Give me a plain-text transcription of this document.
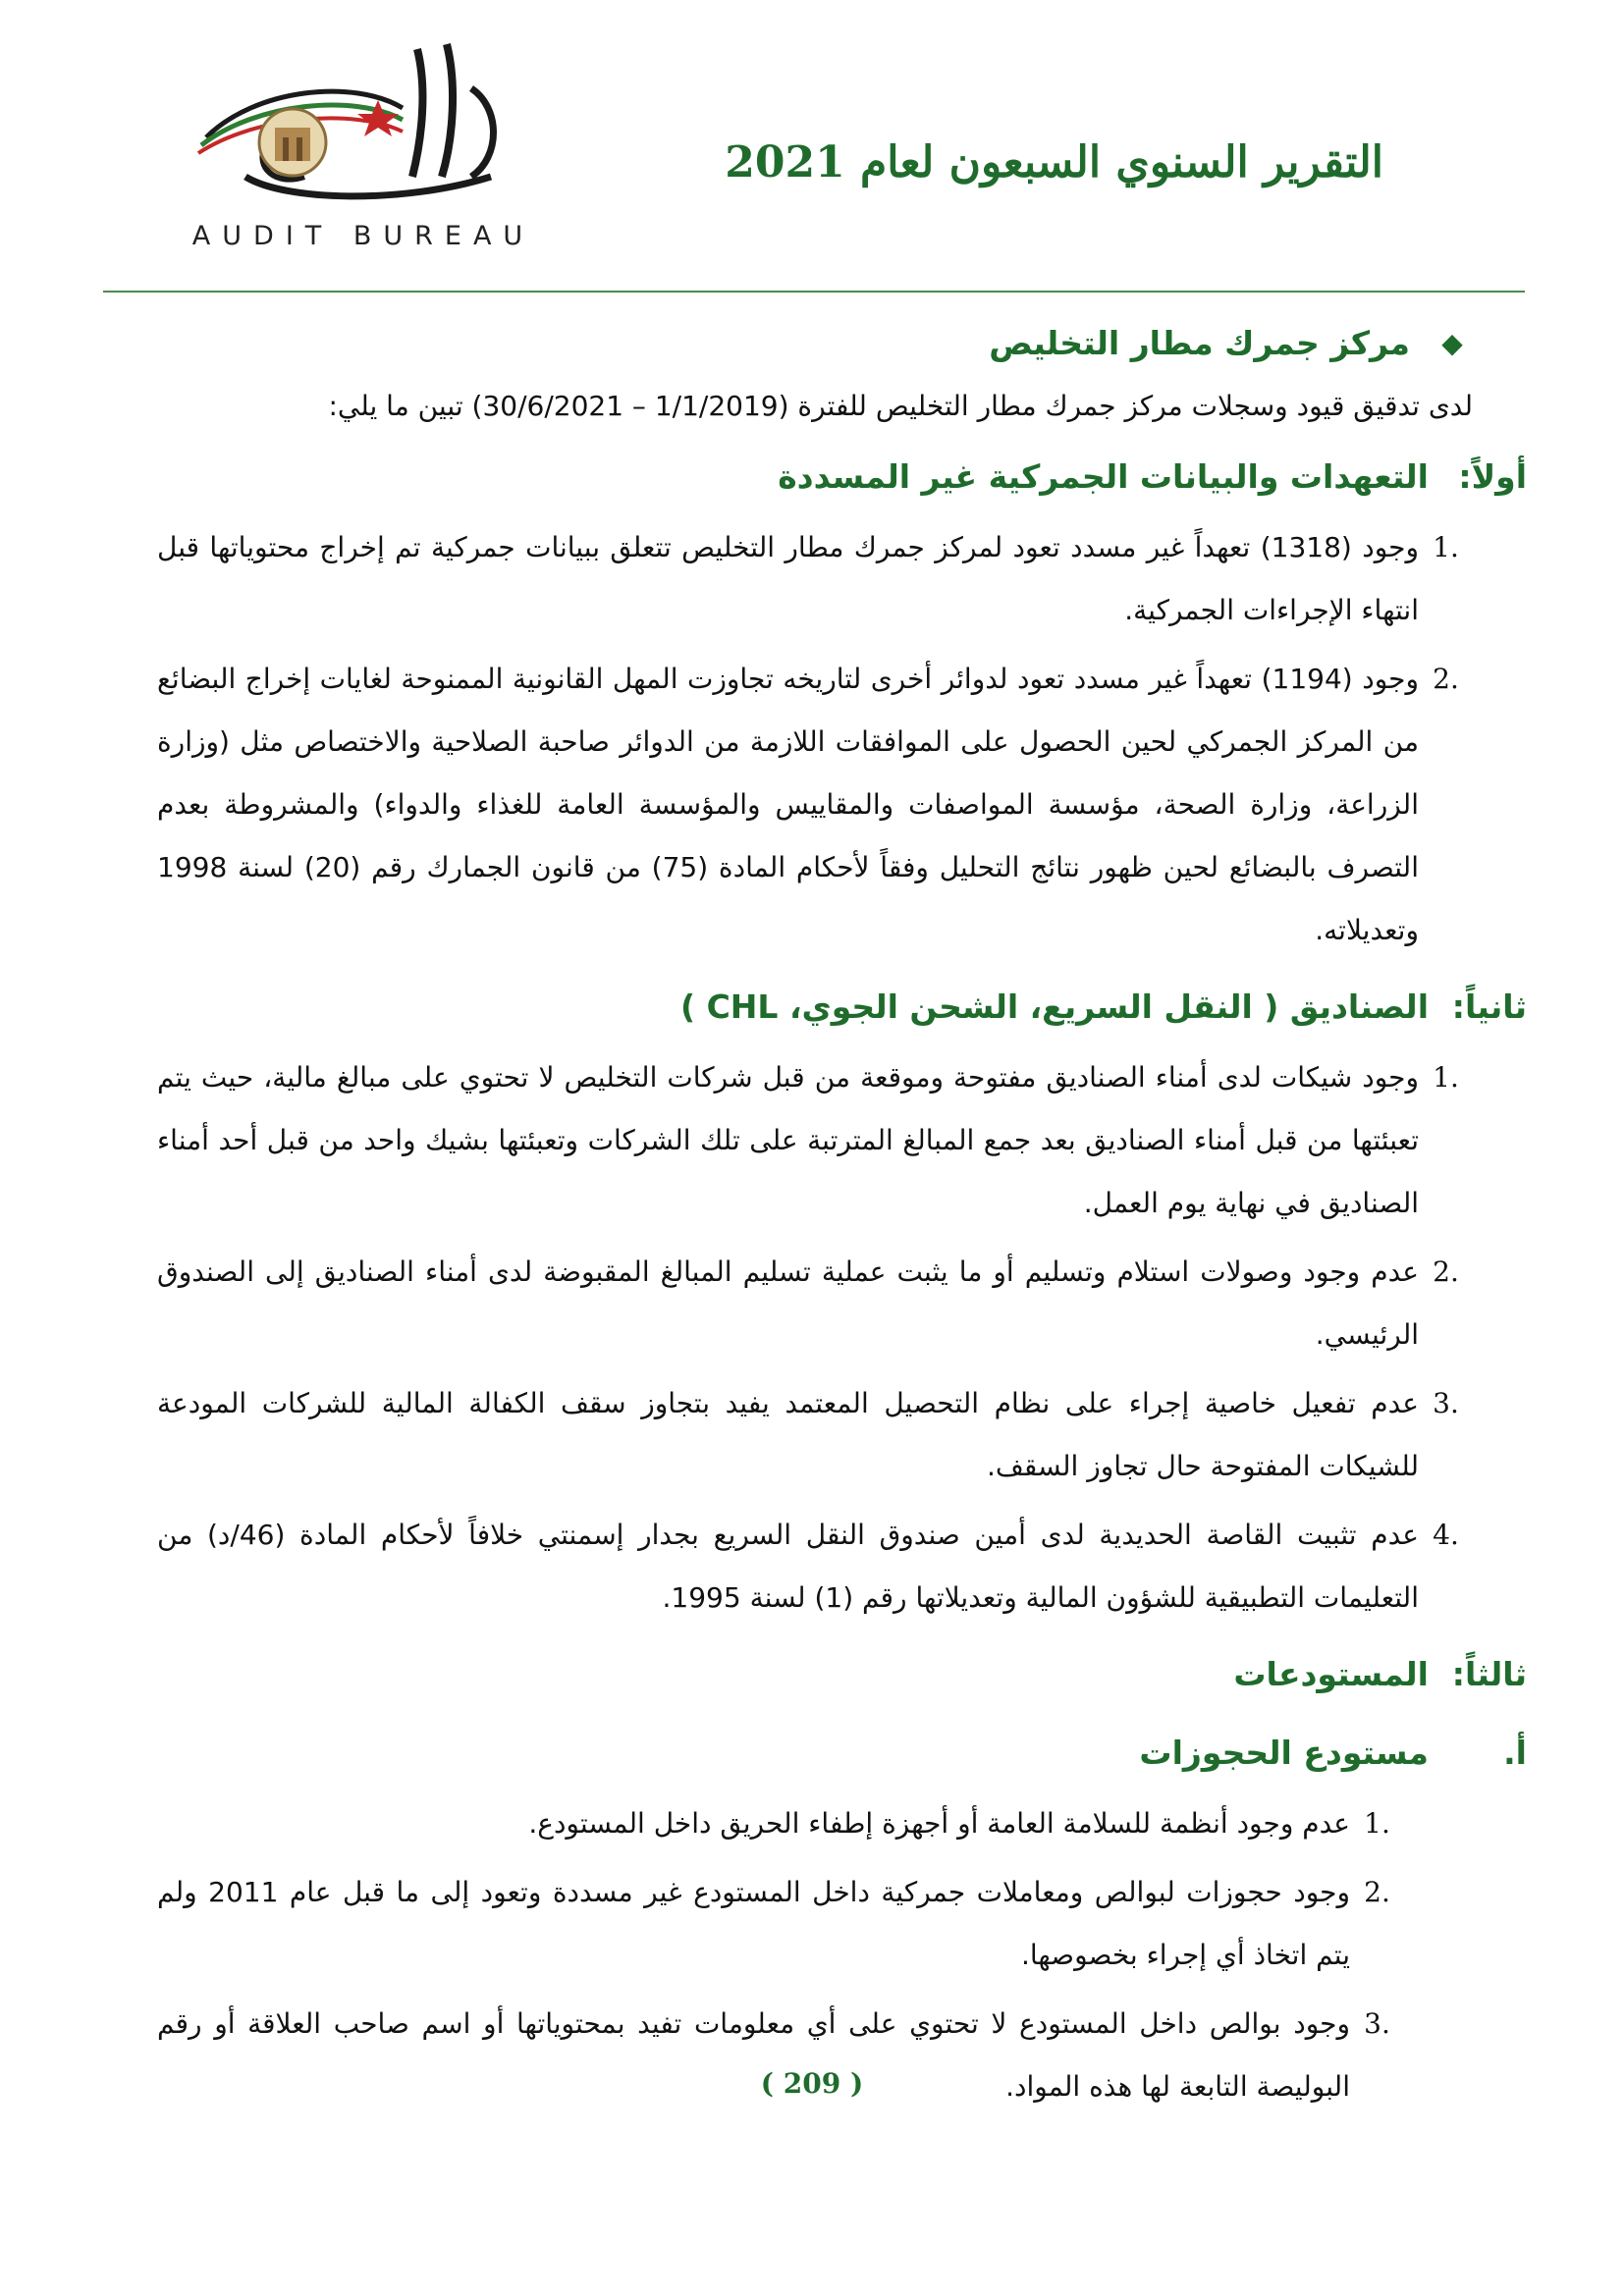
AUDIT BUREAU
التقرير السنوي السبعون لعام 2021
◆
مركز جمرك مطار التخليص
لدى تدقيق قيود وسجلات مركز جمرك مطار التخليص للفترة (1/1/2019 – 30/6/2021) تبين ما يلي:
أولاً:
التعهدات والبيانات الجمركية غير المسددة
1.
وجود (1318) تعهداً غير مسدد تعود لمركز جمرك مطار التخليص تتعلق ببيانات جمركية تم إخراج محتوياتها قبل انتهاء الإجراءات الجمركية.
2.
وجود (1194) تعهداً غير مسدد تعود لدوائر أخرى لتاريخه تجاوزت المهل القانونية الممنوحة لغايات إخراج البضائع من المركز الجمركي لحين الحصول على الموافقات اللازمة من الدوائر صاحبة الصلاحية والاختصاص مثل (وزارة الزراعة، وزارة الصحة، مؤسسة المواصفات والمقاييس والمؤسسة العامة للغذاء والدواء) والمشروطة بعدم التصرف بالبضائع لحين ظهور نتائج التحليل وفقاً لأحكام المادة (75) من قانون الجمارك رقم (20) لسنة 1998 وتعديلاته.
ثانياً:
الصناديق ( النقل السريع، الشحن الجوي، CHL )
1.
وجود شيكات لدى أمناء الصناديق مفتوحة وموقعة من قبل شركات التخليص لا تحتوي على مبالغ مالية، حيث يتم تعبئتها من قبل أمناء الصناديق بعد جمع المبالغ المترتبة على تلك الشركات وتعبئتها بشيك واحد من قبل أحد أمناء الصناديق في نهاية يوم العمل.
2.
عدم وجود وصولات استلام وتسليم أو ما يثبت عملية تسليم المبالغ المقبوضة لدى أمناء الصناديق إلى الصندوق الرئيسي.
3.
عدم تفعيل خاصية إجراء على نظام التحصيل المعتمد يفيد بتجاوز سقف الكفالة المالية للشركات المودعة للشيكات المفتوحة حال تجاوز السقف.
4.
عدم تثبيت القاصة الحديدية لدى أمين صندوق النقل السريع بجدار إسمنتي خلافاً لأحكام المادة (46/د) من التعليمات التطبيقية للشؤون المالية وتعديلاتها رقم (1) لسنة 1995.
ثالثاً:
المستودعات
أ.
مستودع الحجوزات
1.
عدم وجود أنظمة للسلامة العامة أو أجهزة إطفاء الحريق داخل المستودع.
2.
وجود حجوزات لبوالص ومعاملات جمركية داخل المستودع غير مسددة وتعود إلى ما قبل عام 2011 ولم يتم اتخاذ أي إجراء بخصوصها.
3.
وجود بوالص داخل المستودع لا تحتوي على أي معلومات تفيد بمحتوياتها أو اسم صاحب العلاقة أو رقم البوليصة التابعة لها هذه المواد.
( 209 )
